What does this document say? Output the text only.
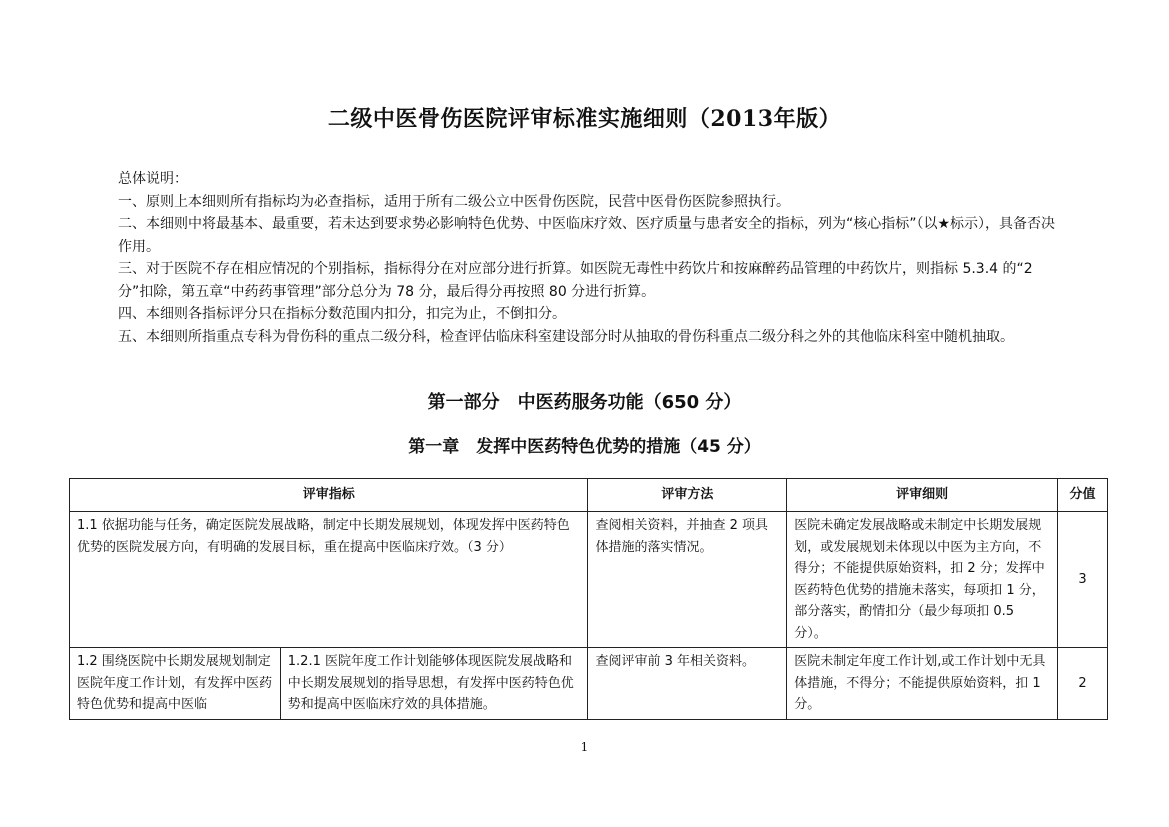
二级中医骨伤医院评审标准实施细则（2013年版）

总体说明：

一、原则上本细则所有指标均为必查指标，适用于所有二级公立中医骨伤医院，民营中医骨伤医院参照执行。

二、本细则中将最基本、最重要，若未达到要求势必影响特色优势、中医临床疗效、医疗质量与患者安全的指标，列为“核心指标”（以★标示），具备否决作用。

三、对于医院不存在相应情况的个别指标，指标得分在对应部分进行折算。如医院无毒性中药饮片和按麻醉药品管理的中药饮片，则指标 5.3.4 的“2 分”扣除，第五章“中药药事管理”部分总分为 78 分，最后得分再按照 80 分进行折算。

四、本细则各指标评分只在指标分数范围内扣分，扣完为止，不倒扣分。

五、本细则所指重点专科为骨伤科的重点二级分科，检查评估临床科室建设部分时从抽取的骨伤科重点二级分科之外的其他临床科室中随机抽取。

第一部分　中医药服务功能（650 分）
第一章　发挥中医药特色优势的措施（45 分）
评审指标		评审方法	评审细则	分值
1.1 依据功能与任务，确定医院发展战略，制定中长期发展规划，体现发挥中医药特色优势的医院发展方向，有明确的发展目标，重在提高中医临床疗效。（3 分）		查阅相关资料，并抽查 2 项具体措施的落实情况。	医院未确定发展战略或未制定中长期发展规划，或发展规划未体现以中医为主方向，不得分；不能提供原始资料，扣 2 分；发挥中医药特色优势的措施未落实，每项扣 1 分，部分落实，酌情扣分（最少每项扣 0.5 分）。	3
1.2 围绕医院中长期发展规划制定医院年度工作计划，有发挥中医药特色优势和提高中医临	1.2.1 医院年度工作计划能够体现医院发展战略和中长期发展规划的指导思想，有发挥中医药特色优势和提高中医临床疗效的具体措施。	查阅评审前 3 年相关资料。	医院未制定年度工作计划,或工作计划中无具体措施，不得分；不能提供原始资料，扣 1 分。	2
1
